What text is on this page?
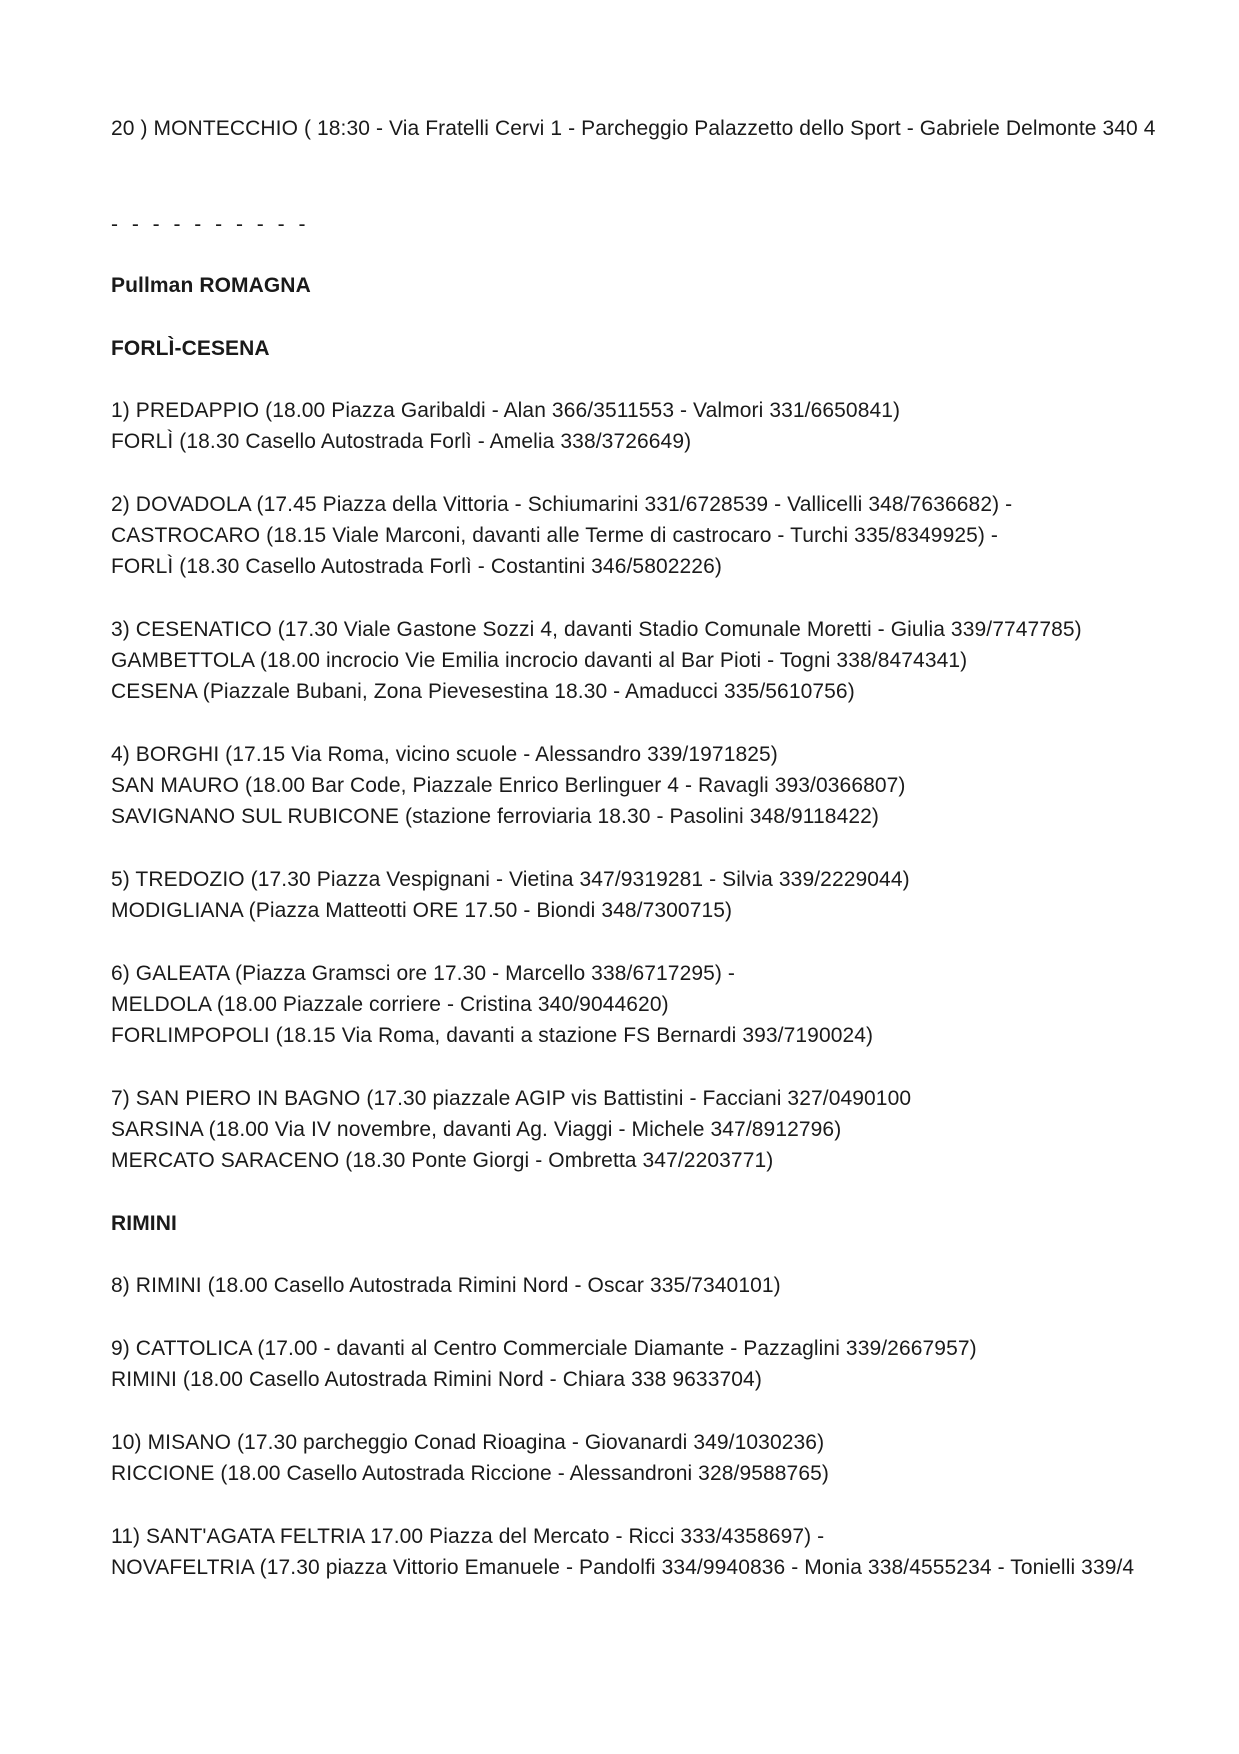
20 ) MONTECCHIO ( 18:30 - Via Fratelli Cervi 1 - Parcheggio Palazzetto dello Sport - Gabriele Delmonte 340 4
- - - - - - - - - -
Pullman ROMAGNA
FORLÌ-CESENA
1) PREDAPPIO (18.00 Piazza Garibaldi - Alan 366/3511553 - Valmori 331/6650841)
FORLÌ (18.30 Casello Autostrada Forlì - Amelia 338/3726649)
2) DOVADOLA (17.45 Piazza della Vittoria - Schiumarini 331/6728539 - Vallicelli 348/7636682) -
CASTROCARO (18.15 Viale Marconi, davanti alle Terme di castrocaro - Turchi 335/8349925) -
FORLÌ (18.30 Casello Autostrada Forlì - Costantini 346/5802226)
3) CESENATICO (17.30 Viale Gastone Sozzi 4, davanti Stadio Comunale Moretti - Giulia 339/7747785)
GAMBETTOLA (18.00 incrocio Vie Emilia incrocio davanti al Bar Pioti - Togni 338/8474341)
CESENA (Piazzale Bubani, Zona Pievesestina 18.30 - Amaducci 335/5610756)
4) BORGHI (17.15 Via Roma, vicino scuole - Alessandro 339/1971825)
SAN MAURO (18.00 Bar Code, Piazzale Enrico Berlinguer 4 - Ravagli 393/0366807)
SAVIGNANO SUL RUBICONE (stazione ferroviaria 18.30 - Pasolini 348/9118422)
5) TREDOZIO (17.30 Piazza Vespignani - Vietina 347/9319281 - Silvia 339/2229044)
MODIGLIANA (Piazza Matteotti ORE 17.50 - Biondi 348/7300715)
6) GALEATA (Piazza Gramsci ore 17.30 - Marcello 338/6717295) -
MELDOLA (18.00 Piazzale corriere - Cristina 340/9044620)
FORLIMPOPOLI (18.15 Via Roma, davanti a stazione FS Bernardi 393/7190024)
7) SAN PIERO IN BAGNO (17.30 piazzale AGIP vis Battistini - Facciani 327/0490100
SARSINA (18.00 Via IV novembre, davanti Ag. Viaggi - Michele 347/8912796)
MERCATO SARACENO (18.30 Ponte Giorgi - Ombretta 347/2203771)
RIMINI
8) RIMINI (18.00 Casello Autostrada Rimini Nord - Oscar 335/7340101)
9) CATTOLICA (17.00 - davanti al Centro Commerciale Diamante - Pazzaglini 339/2667957)
RIMINI (18.00 Casello Autostrada Rimini Nord - Chiara 338 9633704)
10) MISANO (17.30 parcheggio Conad Rioagina - Giovanardi 349/1030236)
RICCIONE (18.00 Casello Autostrada Riccione - Alessandroni 328/9588765)
11) SANT'AGATA FELTRIA 17.00 Piazza del Mercato - Ricci 333/4358697) -
NOVAFELTRIA (17.30 piazza Vittorio Emanuele - Pandolfi 334/9940836 - Monia 338/4555234 - Tonielli 339/4
